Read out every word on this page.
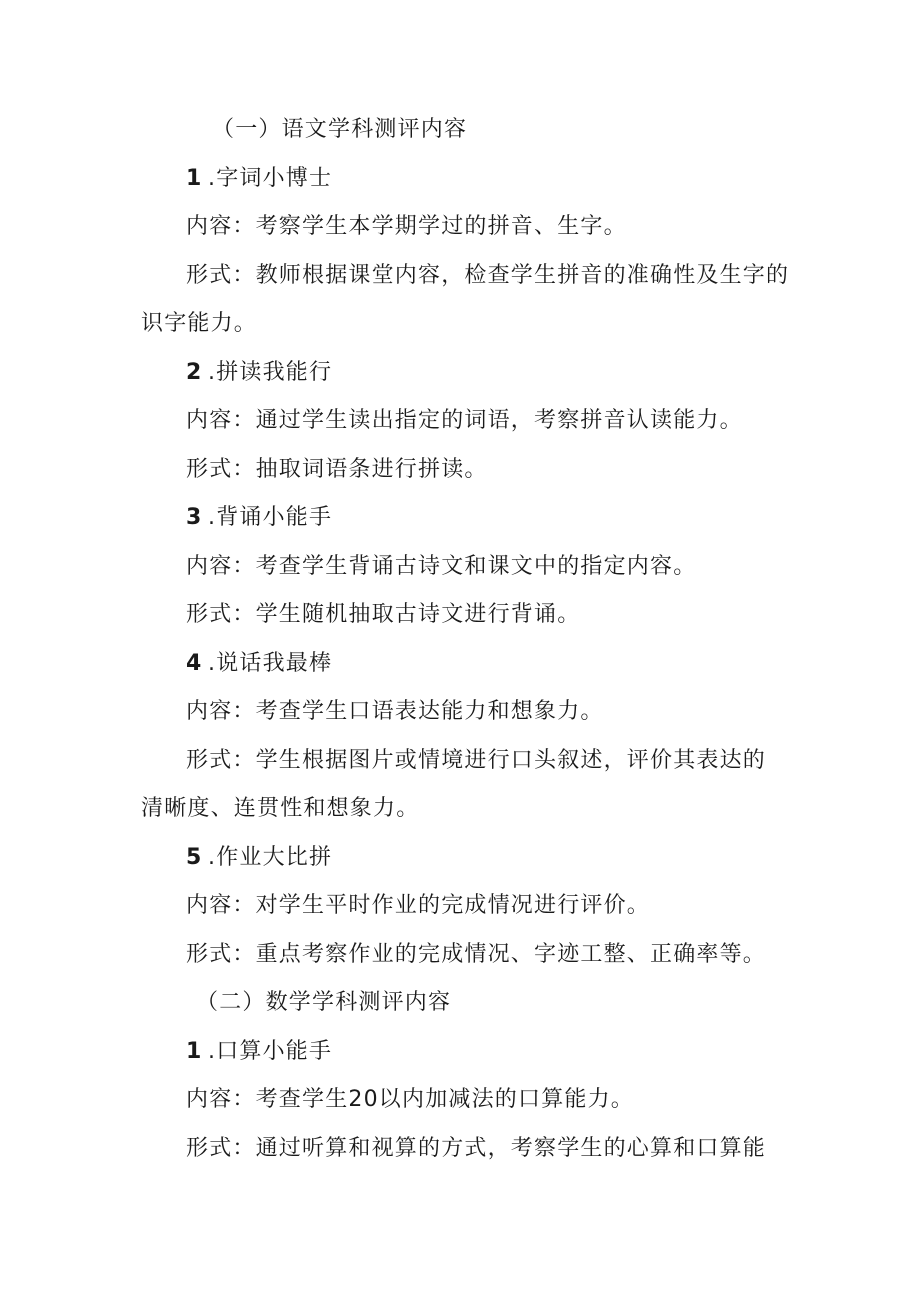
（一）语文学科测评内容
1 .字词小博士
内容：考察学生本学期学过的拼音、生字。
形式：教师根据课堂内容，检查学生拼音的准确性及生字的
识字能力。
2 .拼读我能行
内容：通过学生读出指定的词语，考察拼音认读能力。
形式：抽取词语条进行拼读。
3 .背诵小能手
内容：考查学生背诵古诗文和课文中的指定内容。
形式：学生随机抽取古诗文进行背诵。
4 .说话我最棒
内容：考查学生口语表达能力和想象力。
形式：学生根据图片或情境进行口头叙述，评价其表达的
清晰度、连贯性和想象力。
5 .作业大比拼
内容：对学生平时作业的完成情况进行评价。
形式：重点考察作业的完成情况、字迹工整、正确率等。
（二）数学学科测评内容
1 .口算小能手
内容：考查学生20以内加减法的口算能力。
形式：通过听算和视算的方式，考察学生的心算和口算能
